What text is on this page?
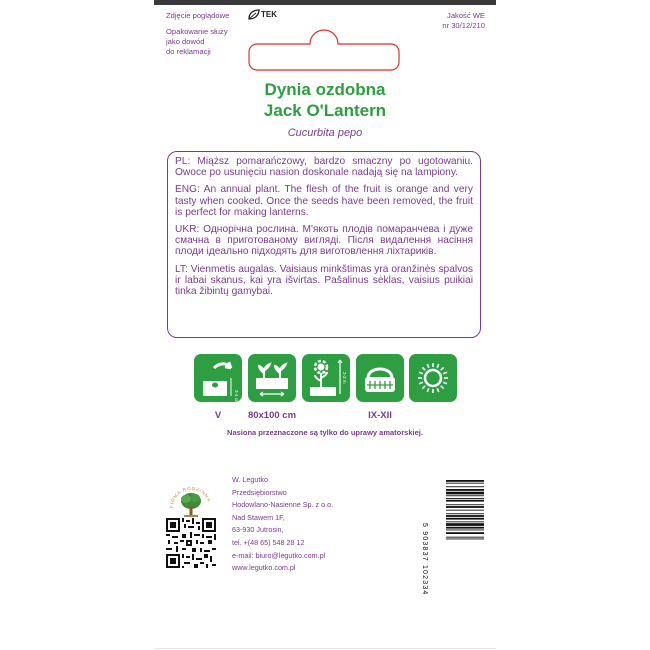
Zdjęcie poglądowe	TEK	Jakość WE
nr 30/12/210
Opakowanie służy
jako dowód
do reklamacji
Dynia ozdobna
Jack O'Lantern
Cucurbita pepo

PL: Miąższ pomarańczowy, bardzo smaczny po ugotowaniu. Owoce po usunięciu nasion doskonale nadają się na lampiony.

ENG: An annual plant. The flesh of the fruit is orange and very tasty when cooked. Once the seeds have been removed, the fruit is perfect for making lanterns.

UKR: Однорічна рослина. М'якоть плодів помаранчева і дуже смачна в приготованому вигляді. Після видалення насіння плоди ідеально підходять для виготовлення ліхтариків.

LT: Vienmetis augalas. Vaisiaus minkštimas yra oranžinės spalvos ir labai skanus, kai yra išvirtas. Pašalinus sėklas, vaisius puikiai tinka žibintų gamybai.

3-4 cm
2-3 m
V	80x100 cm	IX-XII
Nasiona przeznaczone są tylko do uprawy amatorskiej.
FIRMA RODZINNA
W. Legutko
Przedsiębiorstwo
Hodowlano-Nasienne Sp. z o.o.
Nad Stawem 1F,
63-930 Jutrosin,
tel. +(48 65) 548 28 12
e-mail: biuro@legutko.com.pl
www.legutko.com.pl	5 903837 102334
